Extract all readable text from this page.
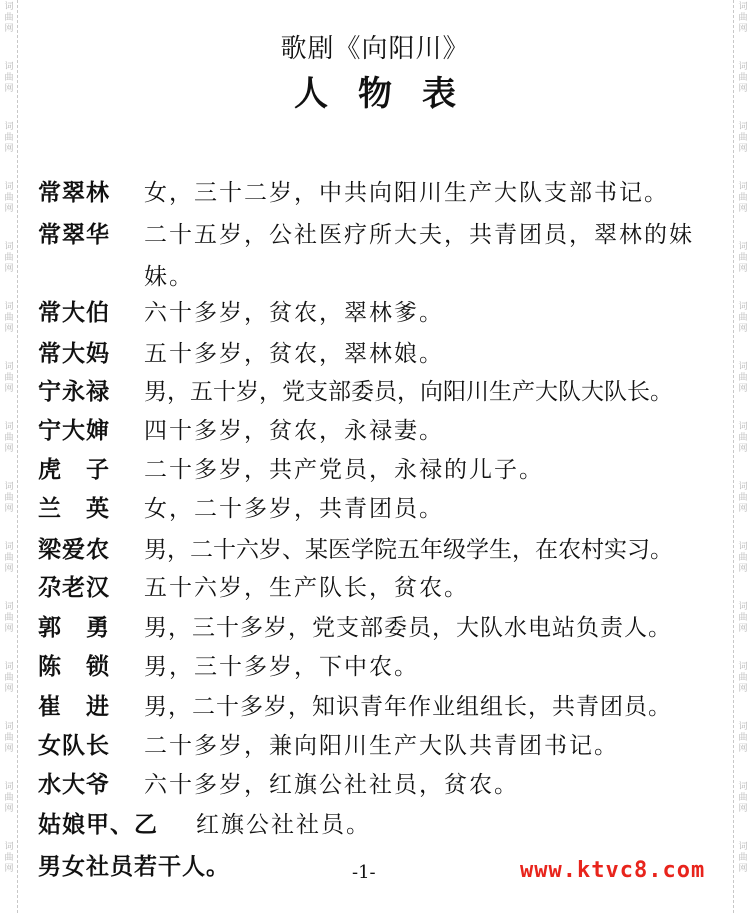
词
曲
网
词
曲
网
词
曲
网
词
曲
网
词
曲
网
词
曲
网
词
曲
网
词
曲
网
词
曲
网
词
曲
网
词
曲
网
词
曲
网
词
曲
网
词
曲
网
词
曲
网
词
曲
网
词
曲
网
词
曲
网
词
曲
网
词
曲
网
词
曲
网
词
曲
网
词
曲
网
词
曲
网
词
曲
网
词
曲
网
词
曲
网
词
曲
网
词
曲
网
词
曲
网
歌剧《向阳川》
人物表
常翠林 女，三十二岁，中共向阳川生产大队支部书记。
常翠华 二十五岁，公社医疗所大夫，共青团员，翠林的妹
妹。
常大伯 六十多岁，贫农，翠林爹。
常大妈 五十多岁，贫农，翠林娘。
宁永禄 男，五十岁，党支部委员，向阳川生产大队大队长。
宁大婶 四十多岁，贫农，永禄妻。
虎　子 二十多岁，共产党员，永禄的儿子。
兰　英 女，二十多岁，共青团员。
梁爱农 男，二十六岁、某医学院五年级学生，在农村实习。
尕老汉 五十六岁，生产队长，贫农。
郭　勇 男，三十多岁，党支部委员，大队水电站负责人。
陈　锁 男，三十多岁，下中农。
崔　进 男，二十多岁，知识青年作业组组长，共青团员。
女队长 二十多岁，兼向阳川生产大队共青团书记。
水大爷 六十多岁，红旗公社社员，贫农。
姑娘甲、乙 红旗公社社员。
男女社员若干人。	-1-	www.ktvc8.com
